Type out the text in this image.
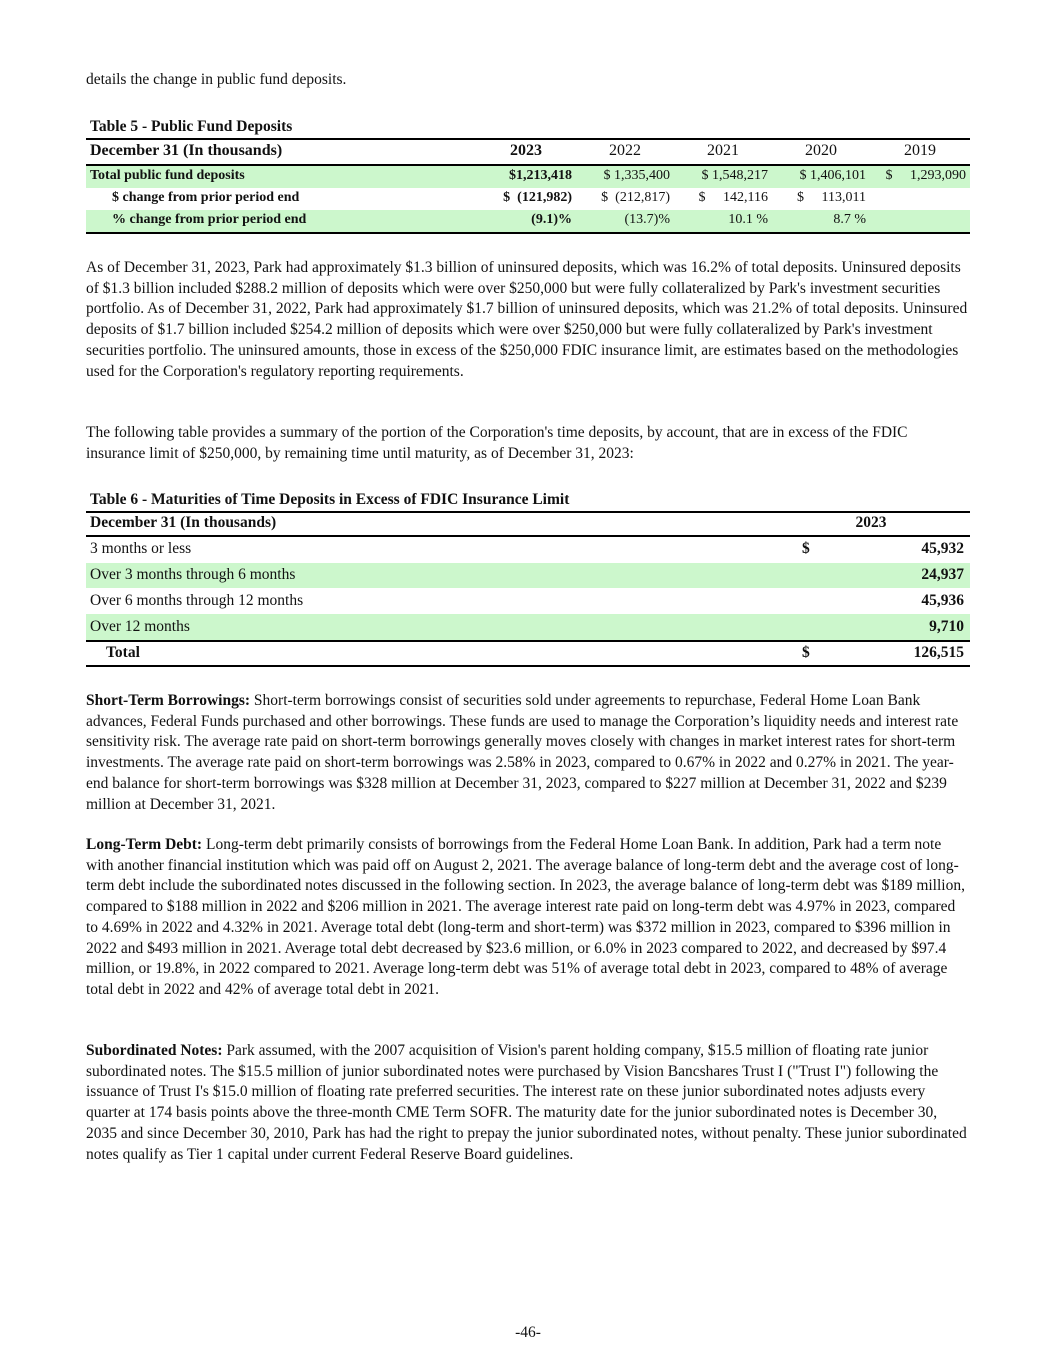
details the change in public fund deposits.

Table 5 - Public Fund Deposits
December 31 (In thousands)	2023	2022	2021	2020	2019
Total public fund deposits	$1,213,418	$ 1,335,400	$ 1,548,217	$ 1,406,101	$ 1,293,090
$ change from prior period end	$ (121,982)	$ (212,817)	$ 142,116	$ 113,011	
% change from prior period end	(9.1)%	(13.7)%	10.1 %	8.7 %	

As of December 31, 2023, Park had approximately $1.3 billion of uninsured deposits, which was 16.2% of total deposits. Uninsured deposits of $1.3 billion included $288.2 million of deposits which were over $250,000 but were fully collateralized by Park's investment securities portfolio. As of December 31, 2022, Park had approximately $1.7 billion of uninsured deposits, which was 21.2% of total deposits. Uninsured deposits of $1.7 billion included $254.2 million of deposits which were over $250,000 but were fully collateralized by Park's investment securities portfolio. The uninsured amounts, those in excess of the $250,000 FDIC insurance limit, are estimates based on the methodologies used for the Corporation's regulatory reporting requirements.

The following table provides a summary of the portion of the Corporation's time deposits, by account, that are in excess of the FDIC insurance limit of $250,000, by remaining time until maturity, as of December 31, 2023:

Table 6 - Maturities of Time Deposits in Excess of FDIC Insurance Limit
December 31 (In thousands)	2023	
3 months or less	$	45,932
Over 3 months through 6 months		24,937
Over 6 months through 12 months		45,936
Over 12 months		9,710
Total	$	126,515

Short-Term Borrowings: Short-term borrowings consist of securities sold under agreements to repurchase, Federal Home Loan Bank advances, Federal Funds purchased and other borrowings. These funds are used to manage the Corporation’s liquidity needs and interest rate sensitivity risk. The average rate paid on short-term borrowings generally moves closely with changes in market interest rates for short-term investments. The average rate paid on short-term borrowings was 2.58% in 2023, compared to 0.67% in 2022 and 0.27% in 2021. The year-end balance for short-term borrowings was $328 million at December 31, 2023, compared to $227 million at December 31, 2022 and $239 million at December 31, 2021.

Long-Term Debt: Long-term debt primarily consists of borrowings from the Federal Home Loan Bank. In addition, Park had a term note with another financial institution which was paid off on August 2, 2021. The average balance of long-term debt and the average cost of long-term debt include the subordinated notes discussed in the following section. In 2023, the average balance of long-term debt was $189 million, compared to $188 million in 2022 and $206 million in 2021. The average interest rate paid on long-term debt was 4.97% in 2023, compared to 4.69% in 2022 and 4.32% in 2021. Average total debt (long-term and short-term) was $372 million in 2023, compared to $396 million in 2022 and $493 million in 2021. Average total debt decreased by $23.6 million, or 6.0% in 2023 compared to 2022, and decreased by $97.4 million, or 19.8%, in 2022 compared to 2021. Average long-term debt was 51% of average total debt in 2023, compared to 48% of average total debt in 2022 and 42% of average total debt in 2021.

Subordinated Notes: Park assumed, with the 2007 acquisition of Vision's parent holding company, $15.5 million of floating rate junior subordinated notes. The $15.5 million of junior subordinated notes were purchased by Vision Bancshares Trust I ("Trust I") following the issuance of Trust I's $15.0 million of floating rate preferred securities. The interest rate on these junior subordinated notes adjusts every quarter at 174 basis points above the three-month CME Term SOFR. The maturity date for the junior subordinated notes is December 30, 2035 and since December 30, 2010, Park has had the right to prepay the junior subordinated notes, without penalty. These junior subordinated notes qualify as Tier 1 capital under current Federal Reserve Board guidelines.

-46-
